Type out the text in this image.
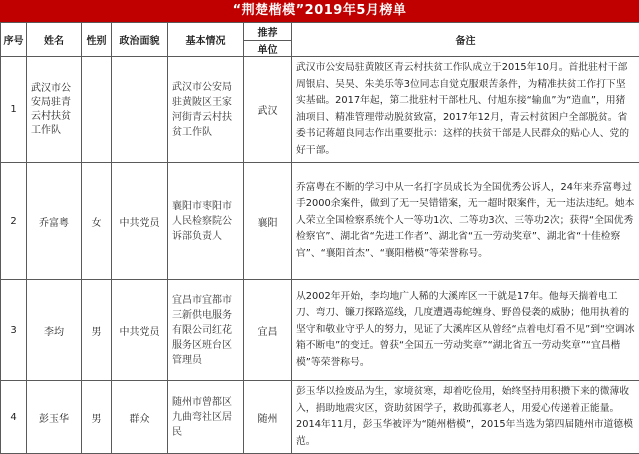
“荆楚楷模”2019年5月榜单
序号	姓名	性别	政治面貌	基本情况	推荐	备注
					单位	
1	武汉市公安局驻青云村扶贫工作队			武汉市公安局驻黄陂区王家河街青云村扶贫工作队	武汉	武汉市公安局驻黄陂区青云村扶贫工作队成立于2015年10月。首批驻村干部周银启、吴昊、朱美乐等3位同志自觉克服艰苦条件，为精准扶贫工作打下坚实基础。2017年起，第二批驻村干部杜凡、付旭东接“输血”为“造血”，用猪油项目、精准管理带动脱贫致富，2017年12月，青云村贫困户全部脱贫。省委书记蒋超良同志作出重要批示：这样的扶贫干部是人民群众的贴心人、党的好干部。
2	乔富粤	女	中共党员	襄阳市枣阳市人民检察院公诉部负责人	襄阳	乔富粤在不断的学习中从一名打字员成长为全国优秀公诉人，24年来乔富粤过手2000余案件，做到了无一吴错错案，无一超时限案件，无一违法违纪。她本人荣立全国检察系统个人一等功1次、二等功3次、三等功2次；获得“全国优秀检察官”、湖北省“先进工作者”、湖北省“五一劳动奖章”、湖北省“十佳检察官”、“襄阳首杰”、“襄阳楷模”等荣誉称号。
3	李均	男	中共党员	宜昌市宜都市三新供电服务有限公司红花服务区班台区管理员	宜昌	从2002年开始，李均地广人稀的大溪库区一干就是17年。他每天揣着电工刀、弯刀、镰刀探路巡线，几度遭遇毒蛇缠身、野兽侵袭的威胁；他用执着的坚守和敬业守乎人的努力，见证了大溪库区从曾经“点着电灯看不见”到“空调冰箱不断电”的变迁。曾获“全国五一劳动奖章”“湖北省五一劳动奖章”“宜昌楷模”等荣誉称号。
4	彭玉华	男	群众	随州市曾都区九曲弯社区居民	随州	彭玉华以捡废品为生，家境贫寒，却着吃俭用，始终坚持用积攒下来的微薄收入，捐助地震灾区，资助贫困学子，救助孤寡老人，用爱心传递着正能量。2014年11月，彭玉华被评为“随州楷模”，2015年当选为第四届随州市道德模范。
